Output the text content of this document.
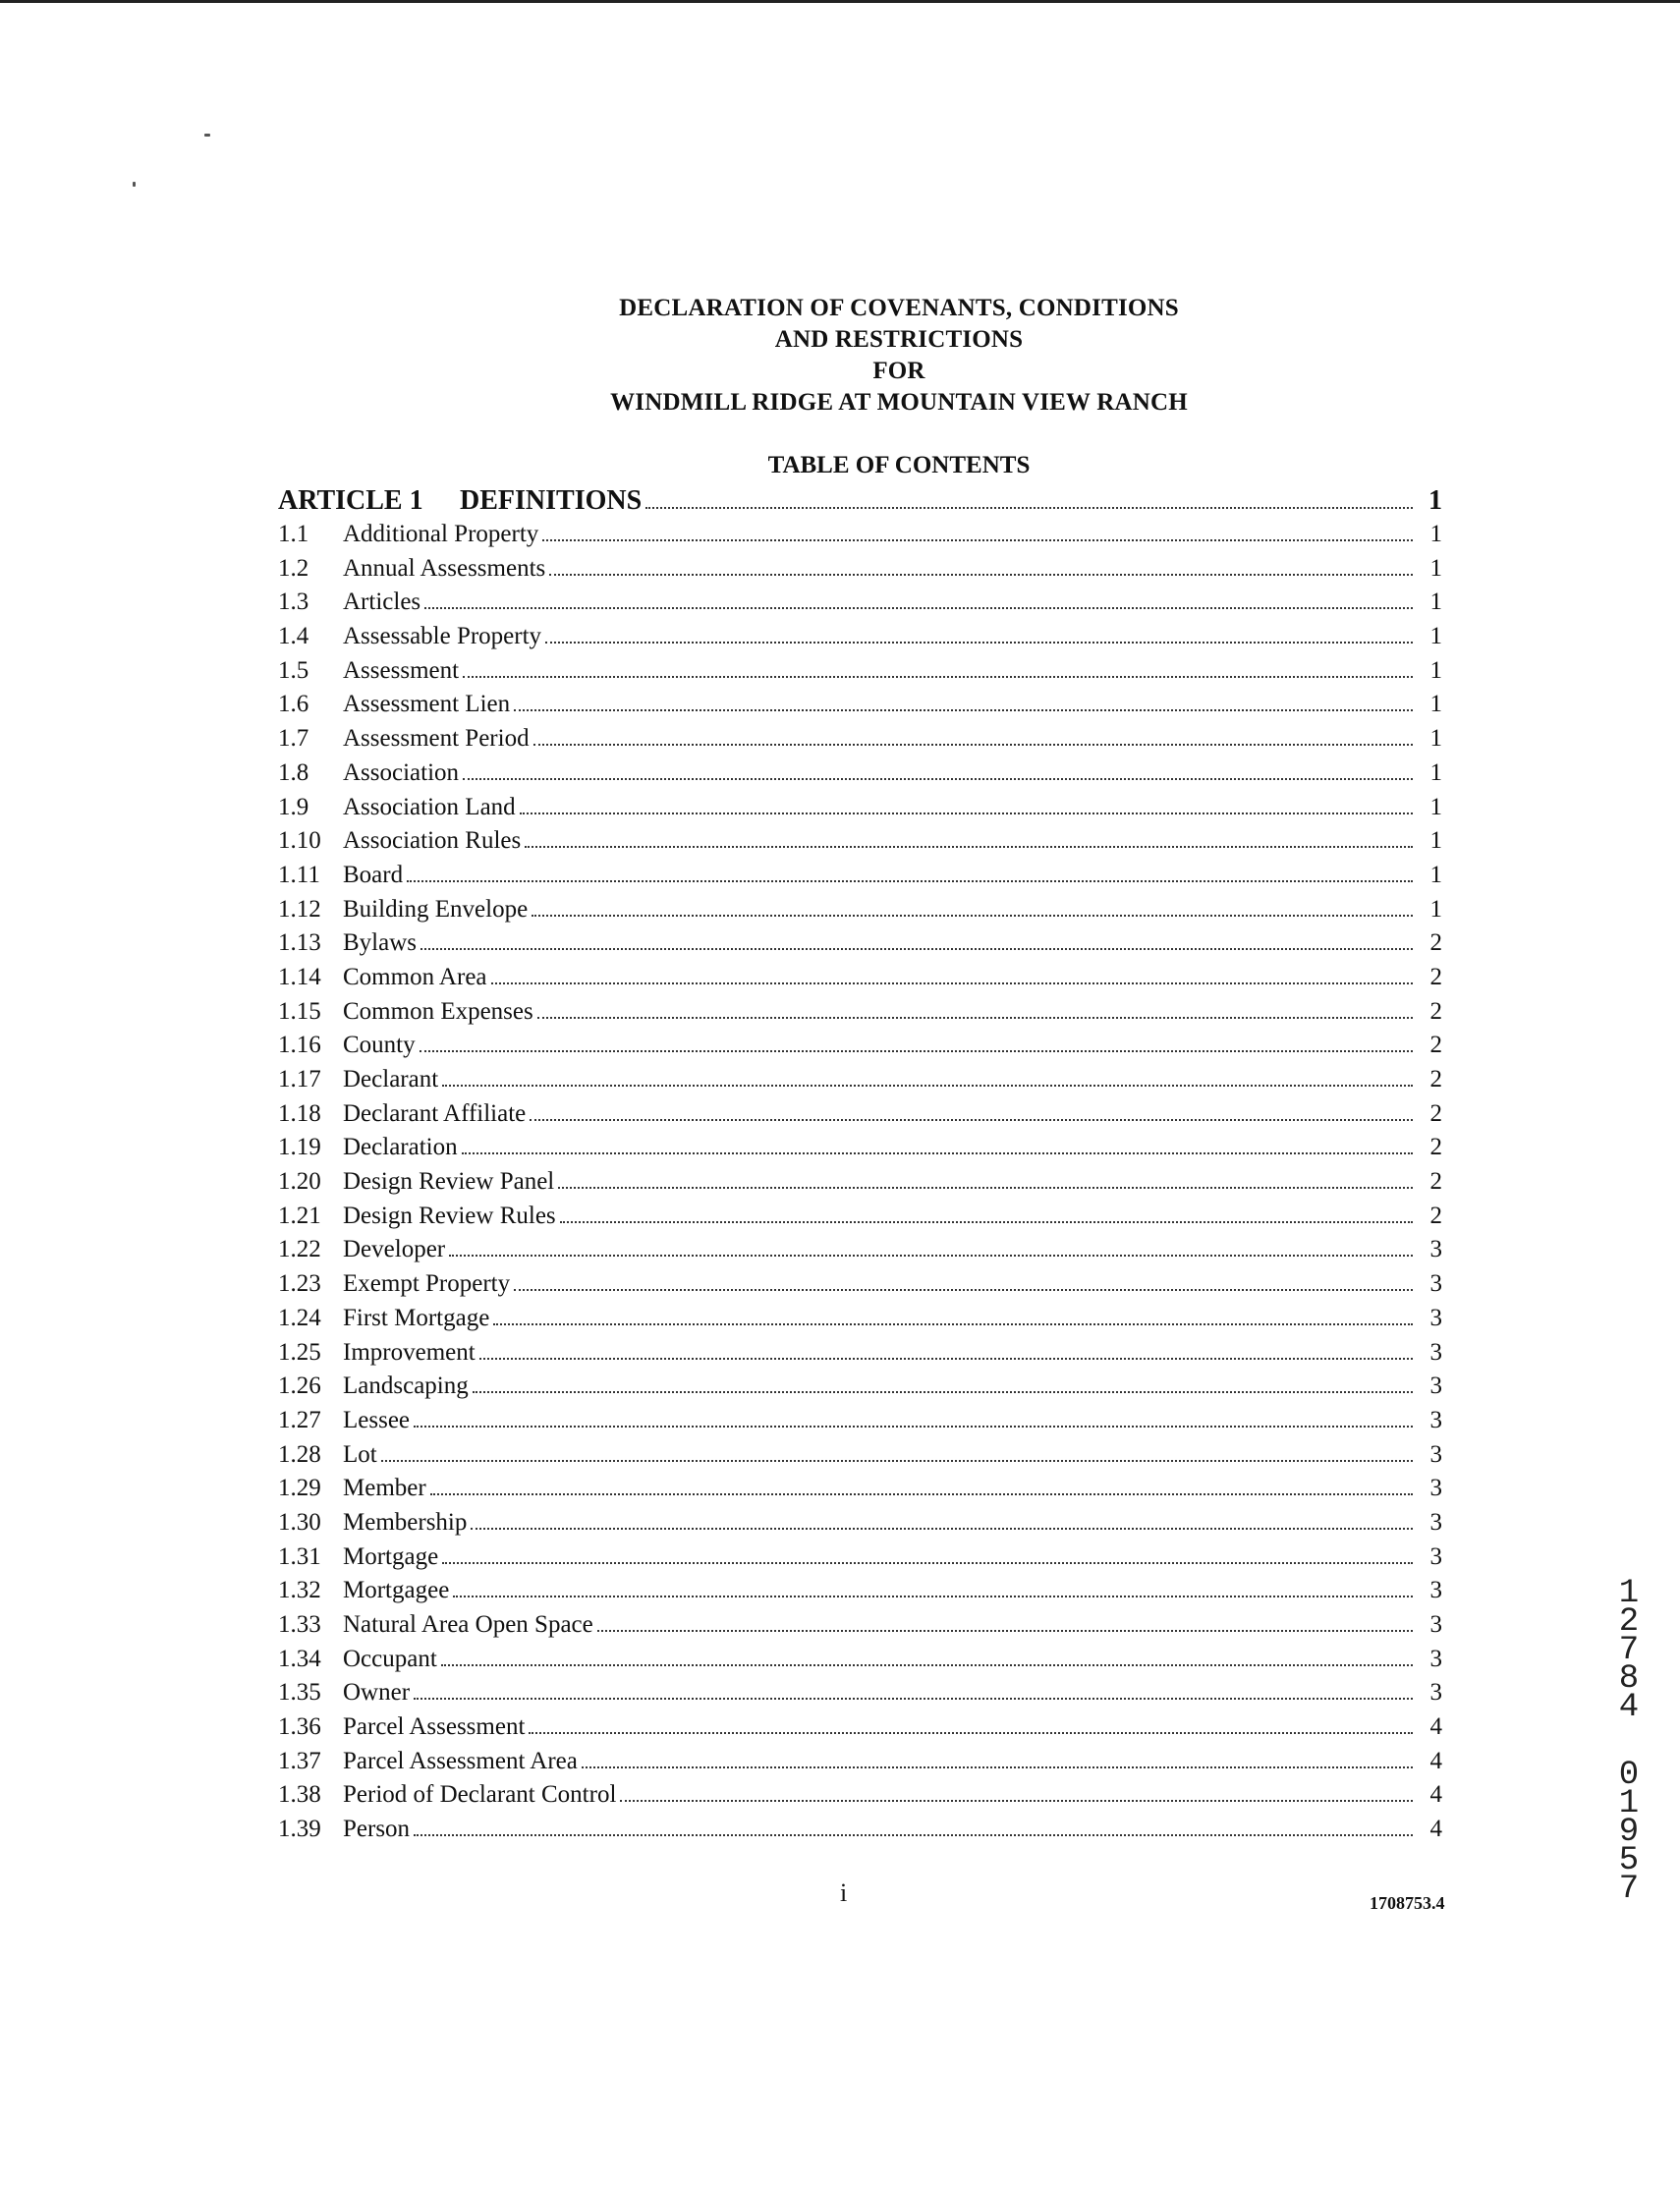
DECLARATION OF COVENANTS, CONDITIONS
AND RESTRICTIONS
FOR
WINDMILL RIDGE AT MOUNTAIN VIEW RANCH
TABLE OF CONTENTS
ARTICLE 1	DEFINITIONS	1
1.1	Additional Property	1
1.2	Annual Assessments	1
1.3	Articles	1
1.4	Assessable Property	1
1.5	Assessment	1
1.6	Assessment Lien	1
1.7	Assessment Period	1
1.8	Association	1
1.9	Association Land	1
1.10 Association Rules	1
1.11 Board	1
1.12 Building Envelope	1
1.13 Bylaws	2
1.14 Common Area	2
1.15 Common Expenses	2
1.16 County	2
1.17 Declarant	2
1.18 Declarant Affiliate	2
1.19 Declaration	2
1.20 Design Review Panel	2
1.21 Design Review Rules	2
1.22 Developer	3
1.23 Exempt Property	3
1.24 First Mortgage	3
1.25 Improvement	3
1.26 Landscaping	3
1.27 Lessee	3
1.28 Lot	3
1.29 Member	3
1.30 Membership	3
1.31 Mortgage	3
1.32 Mortgagee	3
1.33 Natural Area Open Space	3
1.34 Occupant	3
1.35 Owner	3
1.36 Parcel Assessment	4
1.37 Parcel Assessment Area	4
1.38 Period of Declarant Control	4
1.39 Person	4
i	1708753.4
1
2
7
8
4
0
1
9
5
7
